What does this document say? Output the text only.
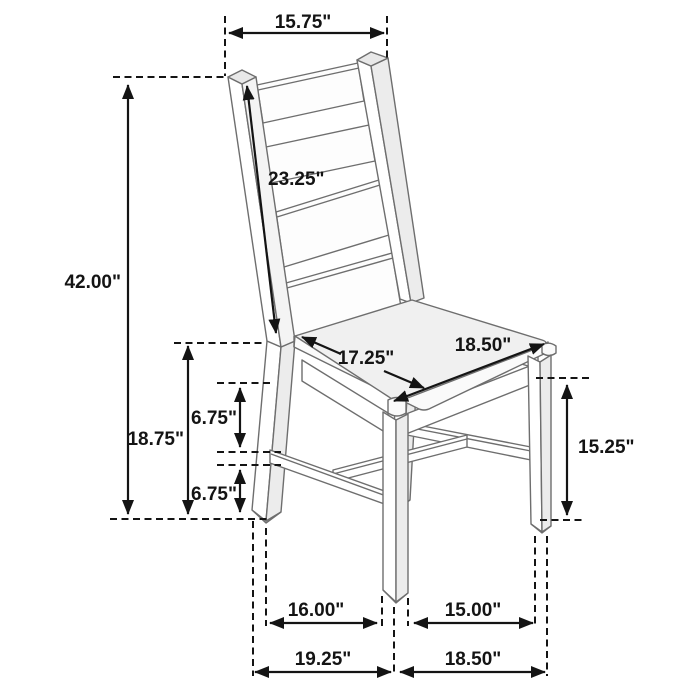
15.75"
42.00"
23.25"
18.75"
6.75"
6.75"
17.25"
18.50"
15.25"
16.00"	15.00"
19.25"	18.50"
